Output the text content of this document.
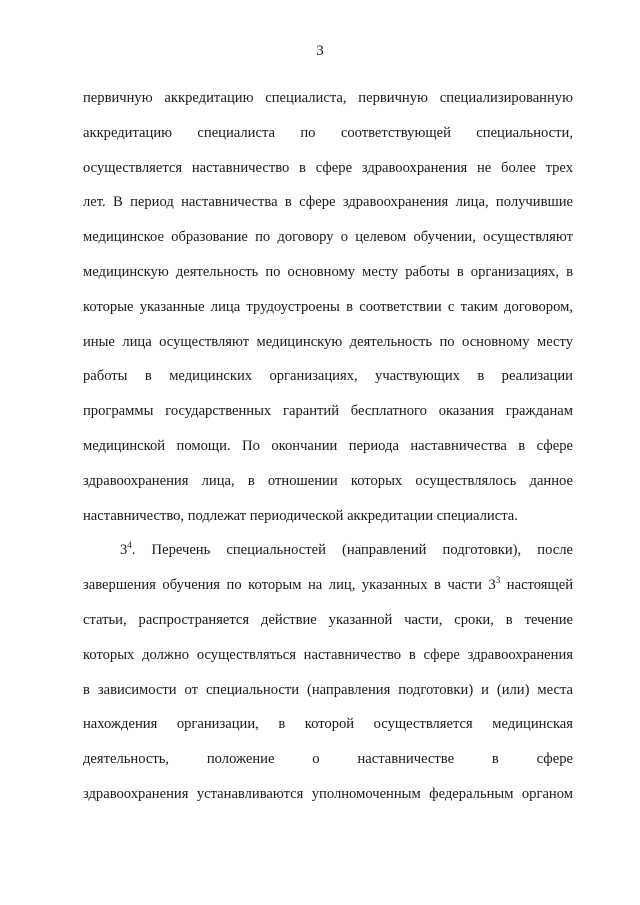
3
первичную аккредитацию специалиста, первичную специализированную
аккредитацию специалиста по соответствующей специальности,
осуществляется наставничество в сфере здравоохранения не более трех
лет. В период наставничества в сфере здравоохранения лица, получившие
медицинское образование по договору о целевом обучении, осуществляют
медицинскую деятельность по основному месту работы в организациях, в
которые указанные лица трудоустроены в соответствии с таким договором,
иные лица осуществляют медицинскую деятельность по основному месту
работы в медицинских организациях, участвующих в реализации
программы государственных гарантий бесплатного оказания гражданам
медицинской помощи. По окончании периода наставничества в сфере
здравоохранения лица, в отношении которых осуществлялось данное
наставничество, подлежат периодической аккредитации специалиста.
$3^4$. Перечень специальностей (направлений подготовки), после
завершения обучения по которым на лиц, указанных в части $3^3$ настоящей
статьи, распространяется действие указанной части, сроки, в течение
которых должно осуществляться наставничество в сфере здравоохранения
в зависимости от специальности (направления подготовки) и (или) места
нахождения организации, в которой осуществляется медицинская
деятельность, положение о наставничестве в сфере
здравоохранения устанавливаются уполномоченным федеральным органом
